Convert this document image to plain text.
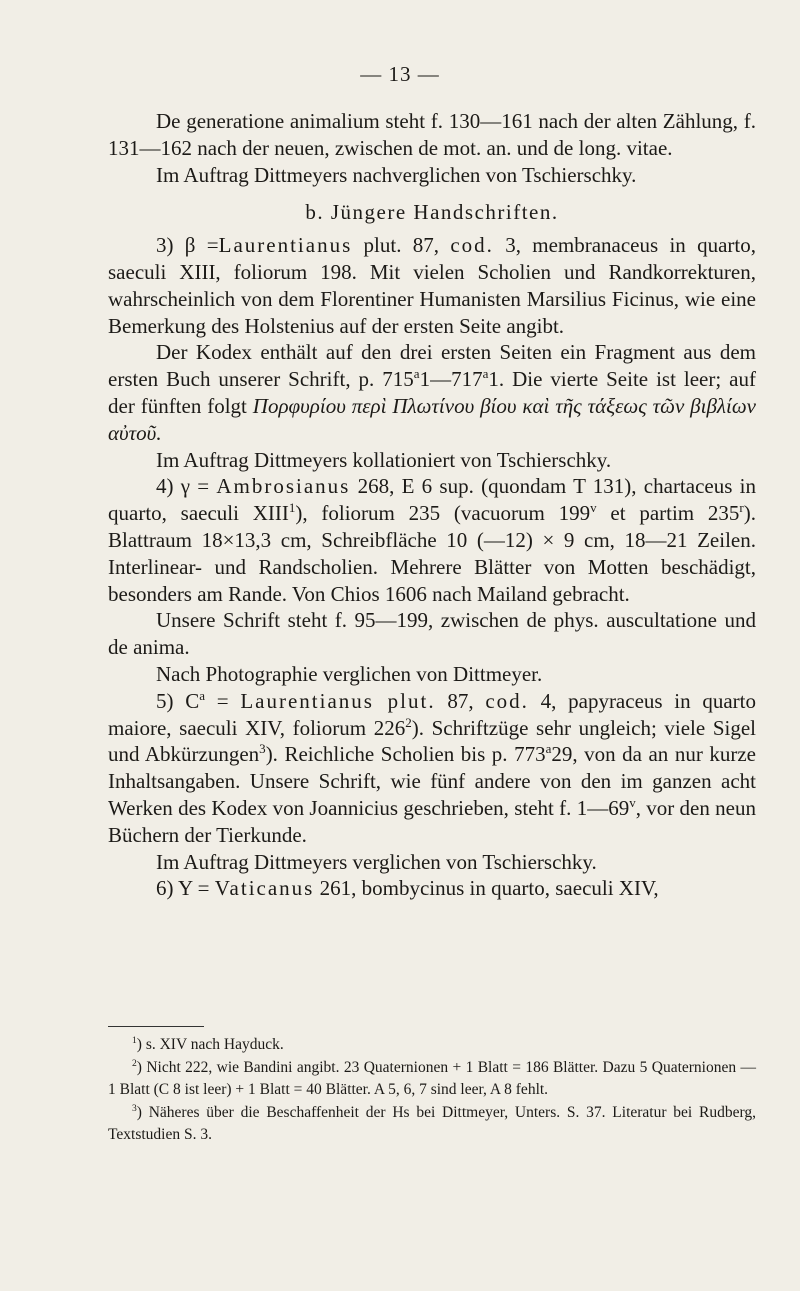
— 13 —

De generatione animalium steht f. 130—161 nach der alten Zählung, f. 131—162 nach der neuen, zwischen de mot. an. und de long. vitae.

Im Auftrag Dittmeyers nachverglichen von Tschierschky.

b. Jüngere Handschriften.

3) β =Laurentianus plut. 87, cod. 3, membranaceus in quarto, saeculi XIII, foliorum 198. Mit vielen Scholien und Randkorrekturen, wahrscheinlich von dem Florentiner Humanisten Marsilius Ficinus, wie eine Bemerkung des Holstenius auf der ersten Seite angibt.

Der Kodex enthält auf den drei ersten Seiten ein Fragment aus dem ersten Buch unserer Schrift, p. 715$^a$1—717$^a$1. Die vierte Seite ist leer; auf der fünften folgt Πορφυρίου περὶ Πλωτίνου βίου καὶ τῆς τάξεως τῶν βιβλίων αὐτοῦ.

Im Auftrag Dittmeyers kollationiert von Tschierschky.

4) γ = Ambrosianus 268, E 6 sup. (quondam T 131), chartaceus in quarto, saeculi XIII$^1$), foliorum 235 (vacuorum 199$^v$ et partim 235$^r$). Blattraum 18×13,3 cm, Schreibfläche 10 (—12) × 9 cm, 18—21 Zeilen. Interlinear- und Randscholien. Mehrere Blätter von Motten beschädigt, besonders am Rande. Von Chios 1606 nach Mailand gebracht.

Unsere Schrift steht f. 95—199, zwischen de phys. auscultatione und de anima.

Nach Photographie verglichen von Dittmeyer.

5) $C^a$ = Laurentianus plut. 87, cod. 4, papyraceus in quarto maiore, saeculi XIV, foliorum $226^2$). Schriftzüge sehr ungleich; viele Sigel und Abkürzungen$^3$). Reichliche Scholien bis p. 773$^a$29, von da an nur kurze Inhaltsangaben. Unsere Schrift, wie fünf andere von den im ganzen acht Werken des Kodex von Joannicius geschrieben, steht f. 1—69$^v$, vor den neun Büchern der Tierkunde.

Im Auftrag Dittmeyers verglichen von Tschierschky.

6) Y = Vaticanus 261, bombycinus in quarto, saeculi XIV,

$^1$) s. XIV nach Hayduck.

$^2$) Nicht 222, wie Bandini angibt. 23 Quaternionen + 1 Blatt = 186 Blätter. Dazu 5 Quaternionen — 1 Blatt (C 8 ist leer) + 1 Blatt = 40 Blätter. A 5, 6, 7 sind leer, A 8 fehlt.

$^3$) Näheres über die Beschaffenheit der Hs bei Dittmeyer, Unters. S. 37. Literatur bei Rudberg, Textstudien S. 3.
